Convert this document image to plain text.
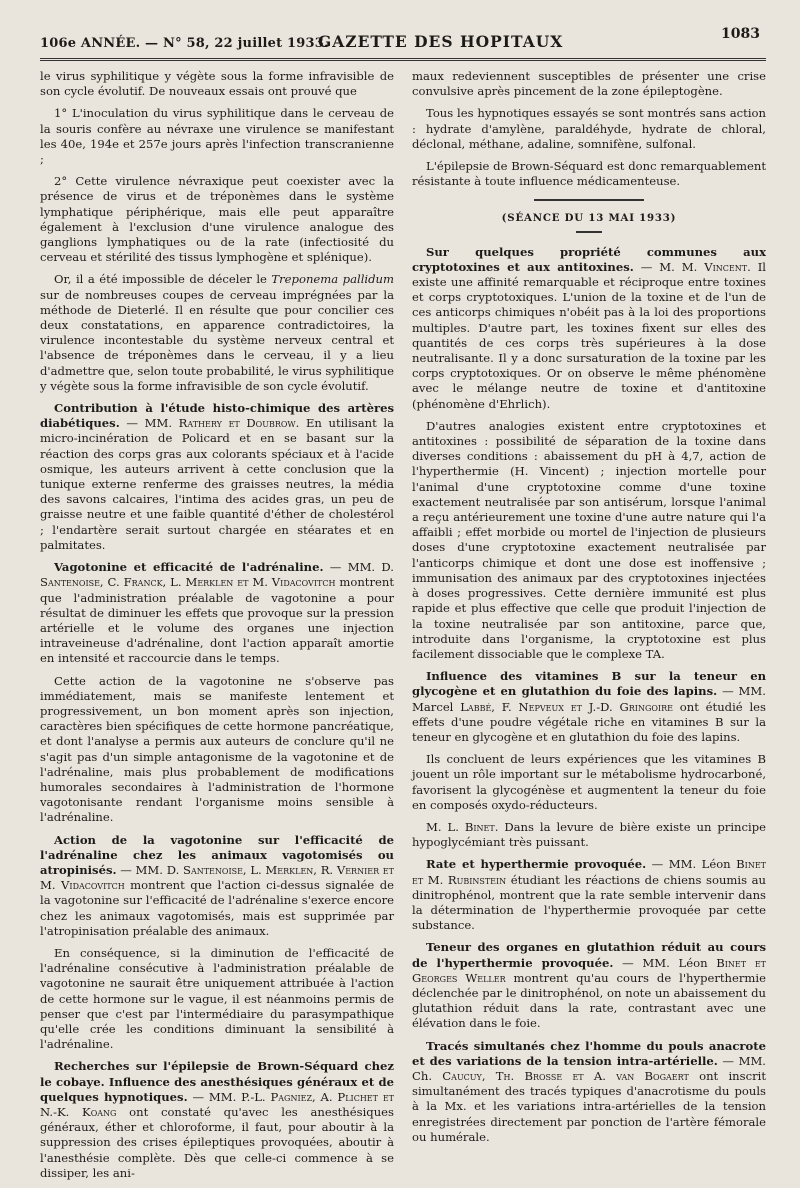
106e ANNÉE. — N° 58, 22 juillet 1933.
GAZETTE DES HOPITAUX	1083

le virus syphilitique y végète sous la forme infravisible de son cycle évolutif. De nouveaux essais ont prouvé que

1° L'inoculation du virus syphilitique dans le cerveau de la souris confère au névraxe une virulence se manifestant les 40e, 194e et 257e jours après l'infection transcranienne ;

2° Cette virulence névraxique peut coexister avec la présence de virus et de tréponèmes dans le système lymphatique périphérique, mais elle peut apparaître également à l'exclusion d'une virulence analogue des ganglions lymphatiques ou de la rate (infectiosité du cerveau et stérilité des tissus lymphogène et splénique).

Or, il a été impossible de déceler le Treponema pallidum sur de nombreuses coupes de cerveau imprégnées par la méthode de Dieterlé. Il en résulte que pour concilier ces deux constatations, en apparence contradictoires, la virulence incontestable du système nerveux central et l'absence de tréponèmes dans le cerveau, il y a lieu d'admettre que, selon toute probabilité, le virus syphilitique y végète sous la forme infravisible de son cycle évolutif.

Contribution à l'étude histo-chimique des artères diabétiques. — MM. Rathery et Doubrow. En utilisant la micro-incinération de Policard et en se basant sur la réaction des corps gras aux colorants spéciaux et à l'acide osmique, les auteurs arrivent à cette conclusion que la tunique externe renferme des graisses neutres, la média des savons calcaires, l'intima des acides gras, un peu de graisse neutre et une faible quantité d'éther de cholestérol ; l'endartère serait surtout chargée en stéarates et en palmitates.

Vagotonine et efficacité de l'adrénaline. — MM. D. Santenoise, C. Franck, L. Merklen et M. Vidacovitch montrent que l'administration préalable de vagotonine a pour résultat de diminuer les effets que provoque sur la pression artérielle et le volume des organes une injection intraveineuse d'adrénaline, dont l'action apparaît amortie en intensité et raccourcie dans le temps.

Cette action de la vagotonine ne s'observe pas immédiatement, mais se manifeste lentement et progressivement, un bon moment après son injection, caractères bien spécifiques de cette hormone pancréatique, et dont l'analyse a permis aux auteurs de conclure qu'il ne s'agit pas d'un simple antagonisme de la vagotonine et de l'adrénaline, mais plus probablement de modifications humorales secondaires à l'administration de l'hormone vagotonisante rendant l'organisme moins sensible à l'adrénaline.

Action de la vagotonine sur l'efficacité de l'adrénaline chez les animaux vagotomisés ou atropinisés. — MM. D. Santenoise, L. Merklen, R. Vernier et M. Vidacovitch montrent que l'action ci-dessus signalée de la vagotonine sur l'efficacité de l'adrénaline s'exerce encore chez les animaux vagotomisés, mais est supprimée par l'atropinisation préalable des animaux.

En conséquence, si la diminution de l'efficacité de l'adrénaline consécutive à l'administration préalable de vagotonine ne saurait être uniquement attribuée à l'action de cette hormone sur le vague, il est néanmoins permis de penser que c'est par l'intermédiaire du parasympathique qu'elle crée les conditions diminuant la sensibilité à l'adrénaline.

Recherches sur l'épilepsie de Brown-Séquard chez le cobaye. Influence des anesthésiques généraux et de quelques hypnotiques. — MM. P.-L. Pagniez, A. Plichet et N.-K. Koang ont constaté qu'avec les anesthésiques généraux, éther et chloroforme, il faut, pour aboutir à la suppression des crises épileptiques provoquées, aboutir à l'anesthésie complète. Dès que celle-ci commence à se dissiper, les ani-

maux redeviennent susceptibles de présenter une crise convulsive après pincement de la zone épileptogène.

Tous les hypnotiques essayés se sont montrés sans action : hydrate d'amylène, paraldéhyde, hydrate de chloral, déclonal, méthane, adaline, somnifène, sulfonal.

L'épilepsie de Brown-Séquard est donc remarquablement résistante à toute influence médicamenteuse.

(SÉANCE DU 13 MAI 1933)

Sur quelques propriété communes aux cryptotoxines et aux antitoxines. — M. M. Vincent. Il existe une affinité remarquable et réciproque entre toxines et corps cryptotoxiques. L'union de la toxine et de l'un de ces anticorps chimiques n'obéit pas à la loi des proportions multiples. D'autre part, les toxines fixent sur elles des quantités de ces corps très supérieures à la dose neutralisante. Il y a donc sursaturation de la toxine par les corps cryptotoxiques. Or on observe le même phénomène avec le mélange neutre de toxine et d'antitoxine (phénomène d'Ehrlich).

D'autres analogies existent entre cryptotoxines et antitoxines : possibilité de séparation de la toxine dans diverses conditions : abaissement du pH à 4,7, action de l'hyperthermie (H. Vincent) ; injection mortelle pour l'animal d'une cryptotoxine comme d'une toxine exactement neutralisée par son antisérum, lorsque l'animal a reçu antérieurement une toxine d'une autre nature qui l'a affaibli ; effet morbide ou mortel de l'injection de plusieurs doses d'une cryptotoxine exactement neutralisée par l'anticorps chimique et dont une dose est inoffensive ; immunisation des animaux par des cryptotoxines injectées à doses progressives. Cette dernière immunité est plus rapide et plus effective que celle que produit l'injection de la toxine neutralisée par son antitoxine, parce que, introduite dans l'organisme, la cryptotoxine est plus facilement dissociable que le complexe TA.

Influence des vitamines B sur la teneur en glycogène et en glutathion du foie des lapins. — MM. Marcel Labbé, F. Nepveux et J.-D. Gringoire ont étudié les effets d'une poudre végétale riche en vitamines B sur la teneur en glycogène et en glutathion du foie des lapins.

Ils concluent de leurs expériences que les vitamines B jouent un rôle important sur le métabolisme hydrocarboné, favorisent la glycogénèse et augmentent la teneur du foie en composés oxydo-réducteurs.

M. L. Binet. Dans la levure de bière existe un principe hypoglycémiant très puissant.

Rate et hyperthermie provoquée. — MM. Léon Binet et M. Rubinstein étudiant les réactions de chiens soumis au dinitrophénol, montrent que la rate semble intervenir dans la détermination de l'hyperthermie provoquée par cette substance.

Teneur des organes en glutathion réduit au cours de l'hyperthermie provoquée. — MM. Léon Binet et Georges Weller montrent qu'au cours de l'hyperthermie déclenchée par le dinitrophénol, on note un abaissement du glutathion réduit dans la rate, contrastant avec une élévation dans le foie.

Tracés simultanés chez l'homme du pouls anacrote et des variations de la tension intra-artérielle. — MM. Ch. Caucuy, Th. Brosse et A. van Bogaert ont inscrit simultanément des tracés typiques d'anacrotisme du pouls à la Mx. et les variations intra-artérielles de la tension enregistrées directement par ponction de l'artère fémorale ou humérale.
